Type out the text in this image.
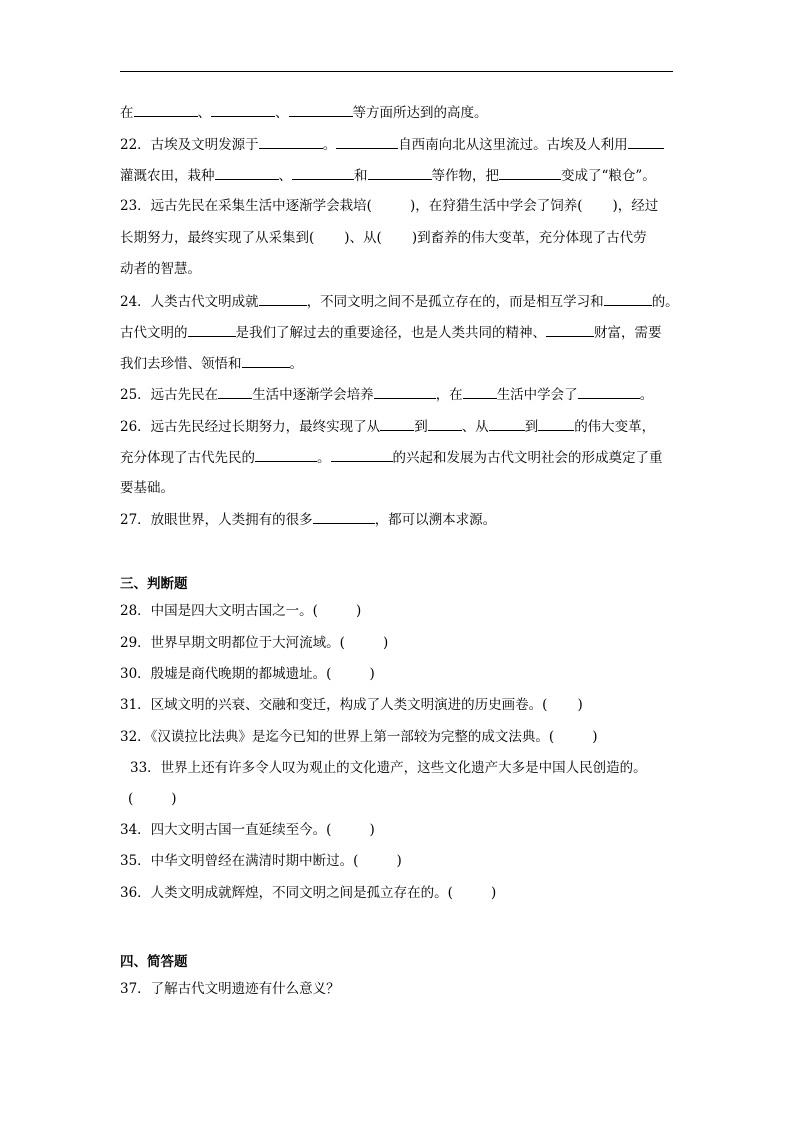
在	、	、	等方面所达到的高度。
22．古埃及文明发源于	。	自西南向北从这里流过。古埃及人利用
灌溉农田，栽种	、	和	等作物，把	变成了“粮仓”。
23．远古先民在采集生活中逐渐学会栽培(	)，在狩猎生活中学会了饲养( )，经过
长期努力，最终实现了从采集到( )、从( )到畜养的伟大变革，充分体现了古代劳
动者的智慧。
24．人类古代文明成就	，不同文明之间不是孤立存在的，而是相互学习和	的。
古代文明的	是我们了解过去的重要途径，也是人类共同的精神、	财富，需要
我们去珍惜、领悟和	。
25．远古先民在	生活中逐渐学会培养	，在	生活中学会了	。
26．远古先民经过长期努力，最终实现了从	到	、从	到	的伟大变革，
充分体现了古代先民的	。	的兴起和发展为古代文明社会的形成奠定了重
要基础。
27．放眼世界，人类拥有的很多	，都可以溯本求源。
三、判断题
28．中国是四大文明古国之一。(	)
29．世界早期文明都位于大河流域。(	)
30．殷墟是商代晚期的都城遗址。(	)
31．区域文明的兴衰、交融和变迁，构成了人类文明演进的历史画卷。( )
32．《汉谟拉比法典》是迄今已知的世界上第一部较为完整的成文法典。(	)
33．世界上还有许多令人叹为观止的文化遗产，这些文化遗产大多是中国人民创造的。
(	)
34．四大文明古国一直延续至今。(	)
35．中华文明曾经在满清时期中断过。(	)
36．人类文明成就辉煌，不同文明之间是孤立存在的。(	)
四、简答题
37．了解古代文明遗迹有什么意义？
